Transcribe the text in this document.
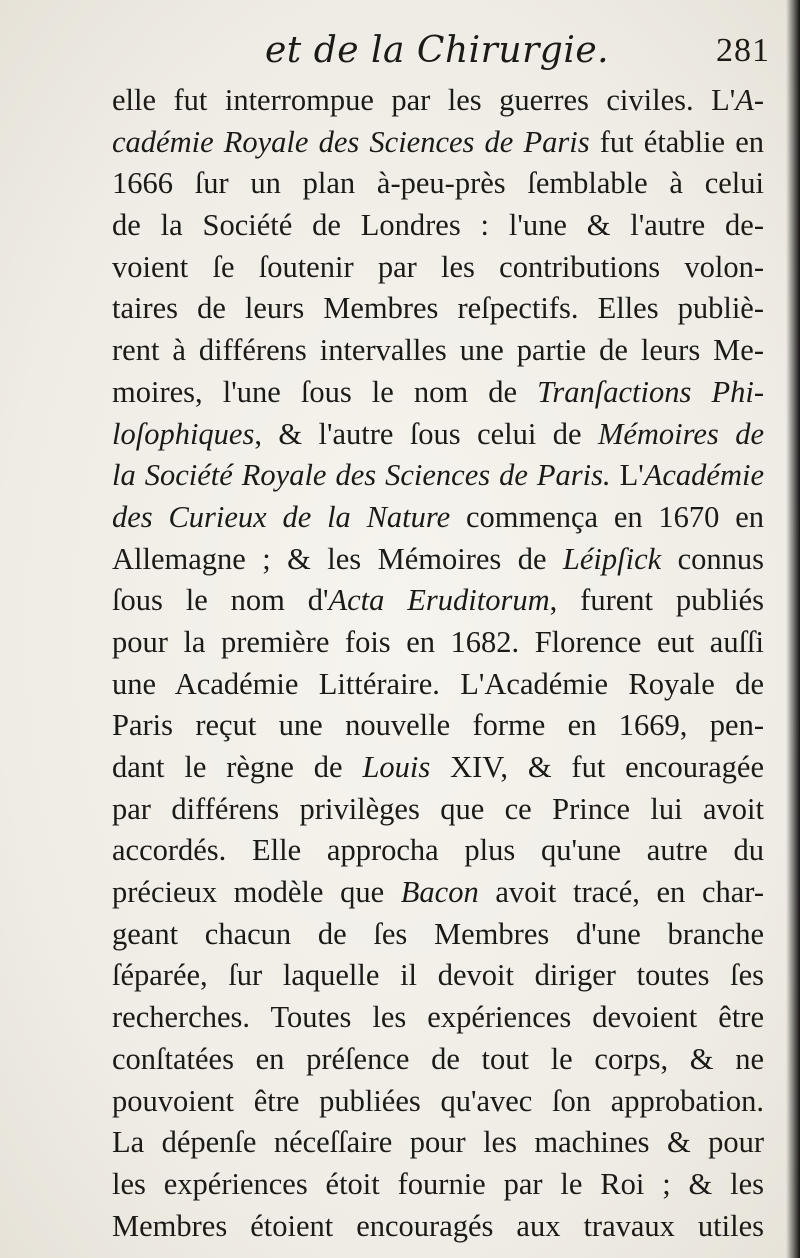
et de la Chirurgie.	281
elle fut interrompue par les guerres civiles. L'A-
cadémie Royale des Sciences de Paris fut établie en
1666 ſur un plan à-peu-près ſemblable à celui
de la Société de Londres : l'une & l'autre de-
voient ſe ſoutenir par les contributions volon-
taires de leurs Membres reſpectifs. Elles publiè-
rent à différens intervalles une partie de leurs Me-
moires, l'une ſous le nom de Tranſactions Phi-
loſophiques, & l'autre ſous celui de Mémoires de
la Société Royale des Sciences de Paris. L'Académie
des Curieux de la Nature commença en 1670 en
Allemagne ; & les Mémoires de Léipſick connus
ſous le nom d'Acta Eruditorum, furent publiés
pour la première fois en 1682. Florence eut auſſi
une Académie Littéraire. L'Académie Royale de
Paris reçut une nouvelle forme en 1669, pen-
dant le règne de Louis XIV, & fut encouragée
par différens privilèges que ce Prince lui avoit
accordés. Elle approcha plus qu'une autre du
précieux modèle que Bacon avoit tracé, en char-
geant chacun de ſes Membres d'une branche
ſéparée, ſur laquelle il devoit diriger toutes ſes
recherches. Toutes les expériences devoient être
conſtatées en préſence de tout le corps, & ne
pouvoient être publiées qu'avec ſon approbation.
La dépenſe néceſſaire pour les machines & pour
les expériences étoit fournie par le Roi ; & les
Membres étoient encouragés aux travaux utiles
